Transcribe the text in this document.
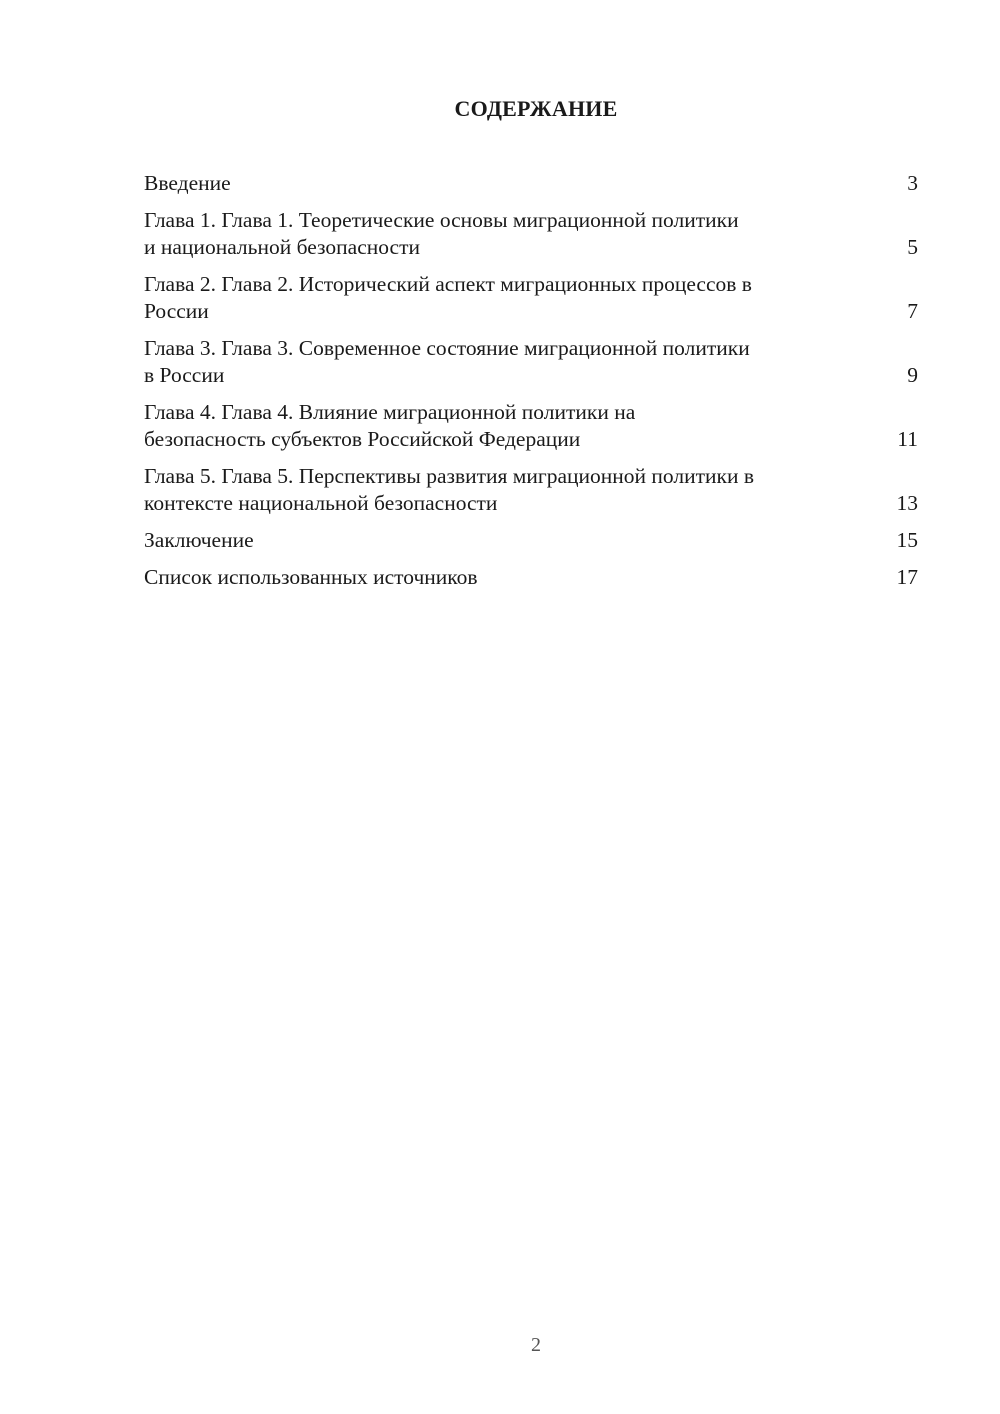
СОДЕРЖАНИЕ
Введение	3
Глава 1. Глава 1. Теоретические основы миграционной политики и национальной безопасности	5
Глава 2. Глава 2. Исторический аспект миграционных процессов в России	7
Глава 3. Глава 3. Современное состояние миграционной политики в России	9
Глава 4. Глава 4. Влияние миграционной политики на безопасность субъектов Российской Федерации	11
Глава 5. Глава 5. Перспективы развития миграционной политики в контексте национальной безопасности	13
Заключение	15
Список использованных источников	17
2
